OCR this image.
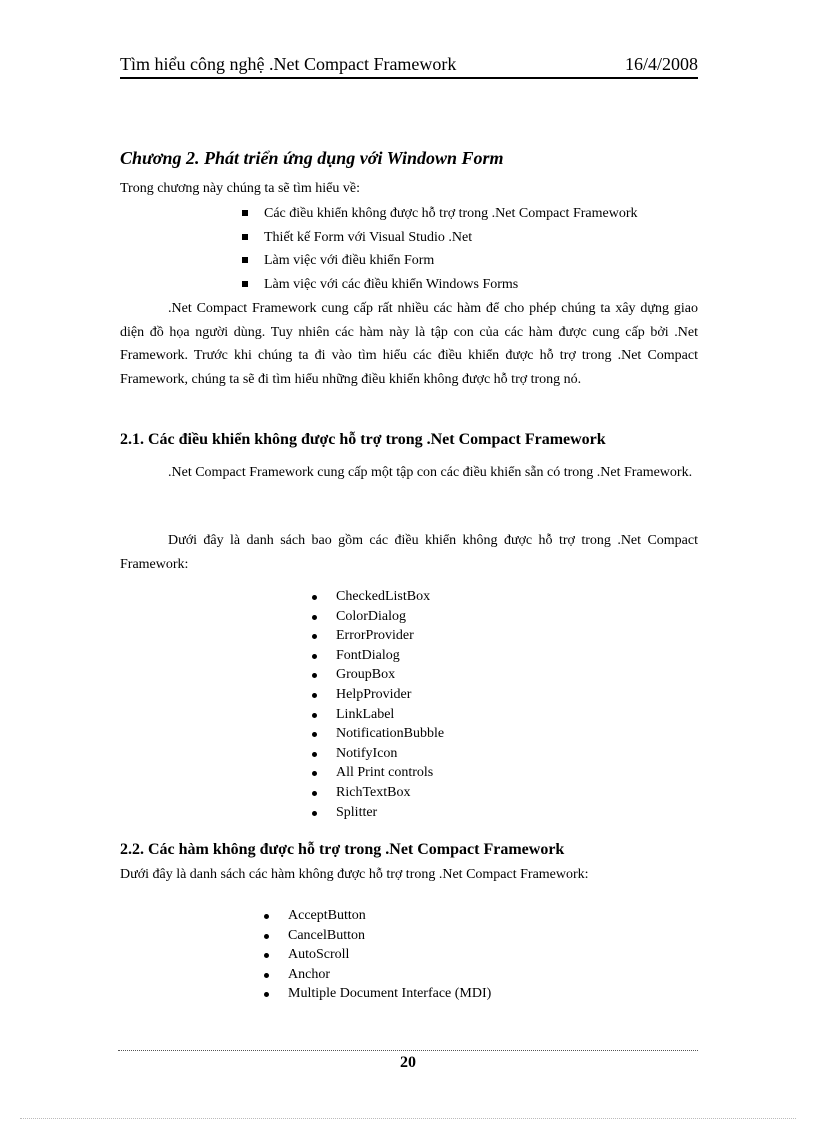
Tìm hiểu công nghệ .Net Compact Framework	16/4/2008
Chương 2. Phát triển ứng dụng với Windown Form
Trong chương này chúng ta sẽ tìm hiểu về:
Các điều khiển không được hỗ trợ trong .Net Compact Framework
Thiết kế Form với Visual Studio .Net
Làm việc với điều khiển Form
Làm việc với các điều khiển Windows Forms

.Net Compact Framework cung cấp rất nhiều các hàm để cho phép chúng ta xây dựng giao diện đồ họa người dùng. Tuy nhiên các hàm này là tập con của các hàm được cung cấp bởi .Net Framework. Trước khi chúng ta đi vào tìm hiểu các điều khiển được hỗ trợ trong .Net Compact Framework, chúng ta sẽ đi tìm hiểu những điều khiển không được hỗ trợ trong nó.

2.1. Các điều khiển không được hỗ trợ trong .Net Compact Framework

.Net Compact Framework cung cấp một tập con các điều khiển sẵn có trong .Net Framework.

Dưới đây là danh sách bao gồm các điều khiển không được hỗ trợ trong .Net Compact Framework:

CheckedListBox
ColorDialog
ErrorProvider
FontDialog
GroupBox
HelpProvider
LinkLabel
NotificationBubble
NotifyIcon
All Print controls
RichTextBox
Splitter
2.2. Các hàm không được hỗ trợ trong .Net Compact Framework

Dưới đây là danh sách các hàm không được hỗ trợ trong .Net Compact Framework:

AcceptButton
CancelButton
AutoScroll
Anchor
Multiple Document Interface (MDI)
20
